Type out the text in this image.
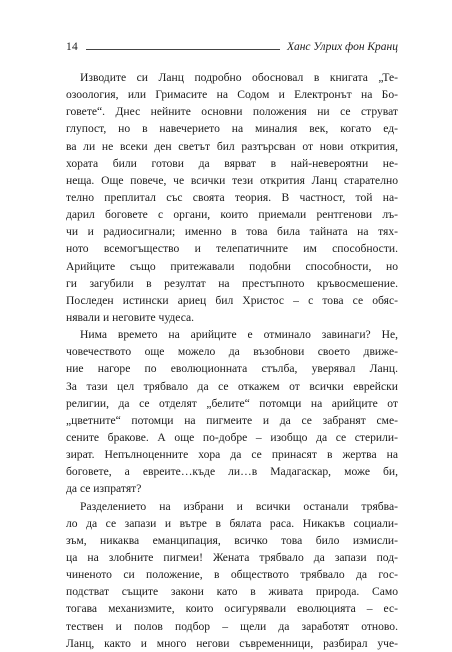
14	Ханс Улрих фон Кранц
Изводите си Ланц подробно обосновал в книгата „Те-
озоология, или Гримасите на Содом и Електронът на Бо-
говете“. Днес нейните основни положения ни се струват
глупост, но в навечерието на миналия век, когато ед-
ва ли не всеки ден светът бил разтърсван от нови открития,
хората били готови да вярват в най-невероятни не-
неща. Още повече, че всички тези открития Ланц старателно
телно преплитал със своята теория. В частност, той на-
дарил боговете с органи, които приемали рентгенови лъ-
чи и радиосигнали; именно в това била тайната на тях-
ното всемогъщество и телепатичните им способности.
Арийците също притежавали подобни способности, но
ги загубили в резултат на престъпното кръвосмешение.
Последен истински ариец бил Христос – с това се обяс-
нявали и неговите чудеса.
Нима времето на арийците е отминало завинаги? Не,
човечеството още можело да възобнови своето движе-
ние нагоре по еволюционната стълба, уверявал Ланц.
За тази цел трябвало да се откажем от всички еврейски
религии, да се отделят „белите“ потомци на арийците от
„цветните“ потомци на пигмеите и да се забранят сме-
сените бракове. А още по-добре – изобщо да се стерили-
зират. Непълноценните хора да се принасят в жертва на
боговете, а евреите…къде ли…в Мадагаскар, може би,
да се изпратят?
Разделението на избрани и всички останали трябва-
ло да се запази и вътре в бялата раса. Никакъв социали-
зъм, никаква еманципация, всичко това било измисли-
ца на злобните пигмеи! Жената трябвало да запази под-
чиненото си положение, в обществото трябвало да гос-
подстват същите закони като в живата природа. Само
тогава механизмите, които осигурявали еволюцията – ес-
тествен и полов подбор – щели да заработят отново.
Ланц, както и много негови съвременници, разбирал уче-
